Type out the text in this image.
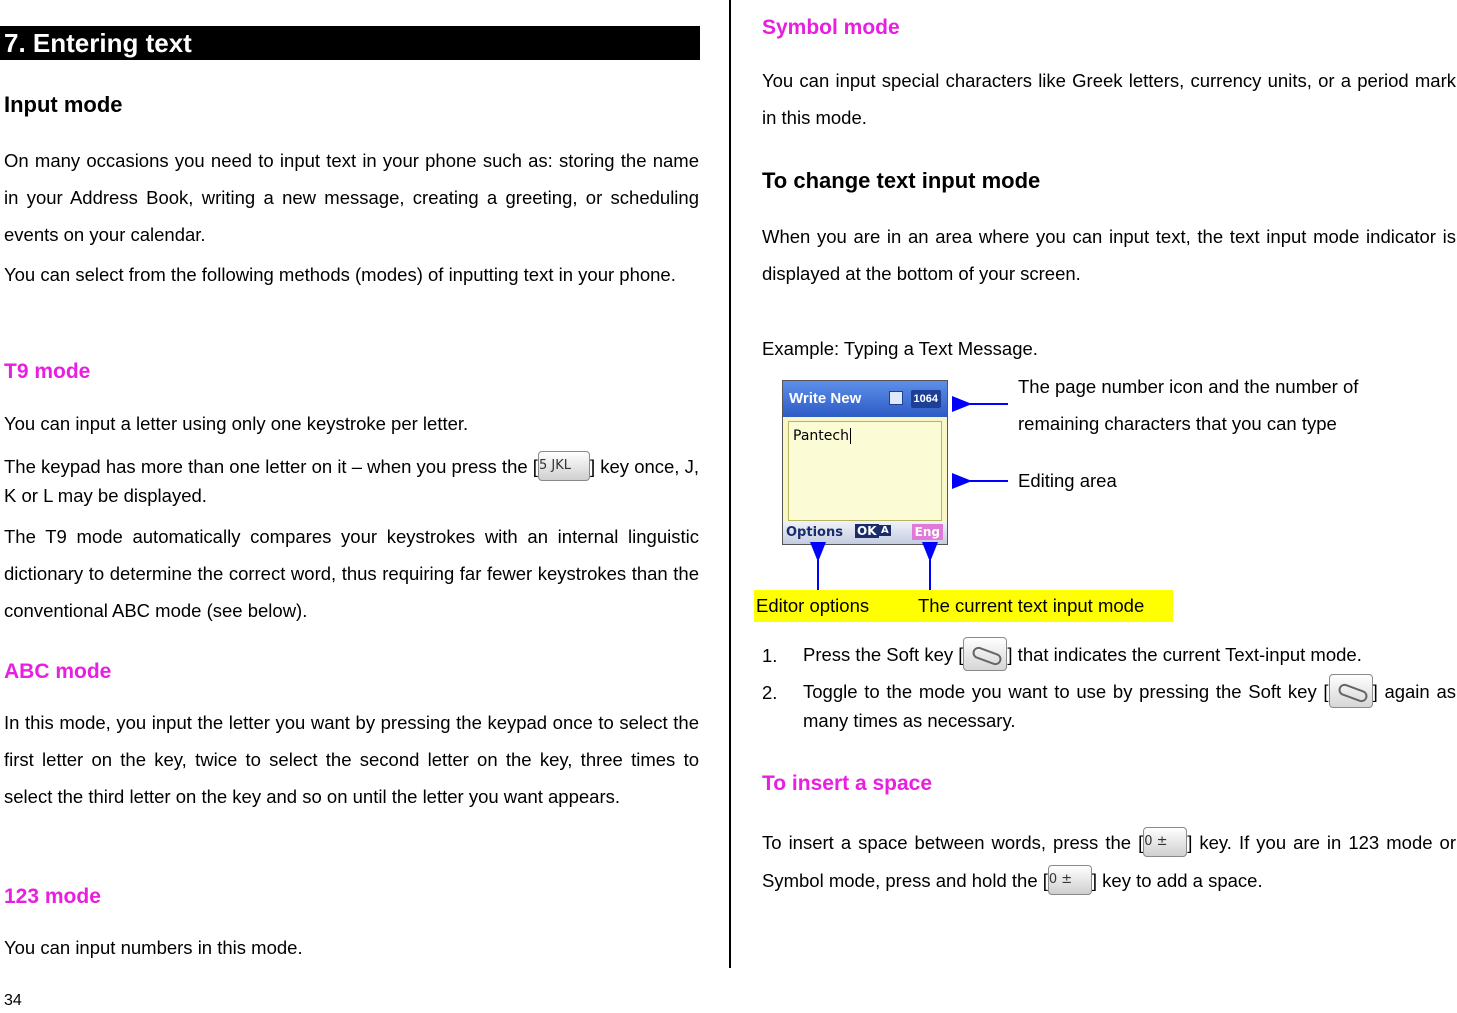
7. Entering text
Input mode
On many occasions you need to input text in your phone such as: storing the name in your Address Book, writing a new message, creating a greeting, or scheduling events on your calendar.
You can select from the following methods (modes) of inputting text in your phone.
T9 mode
You can input a letter using only one keystroke per letter.
The keypad has more than one letter on it – when you press the [5 JKL ] key once, J, K or L may be displayed.
The T9 mode automatically compares your keystrokes with an internal linguistic dictionary to determine the correct word, thus requiring far fewer keystrokes than the conventional ABC mode (see below).
ABC mode
In this mode, you input the letter you want by pressing the keypad once to select the first letter on the key, twice to select the second letter on the key, three times to select the third letter on the key and so on until the letter you want appears.
123 mode
You can input numbers in this mode.
34
Symbol mode
You can input special characters like Greek letters, currency units, or a period mark in this mode.
To change text input mode
When you are in an area where you can input text, the text input mode indicator is displayed at the bottom of your screen.
Example: Typing a Text Message.
Write New	1064
Pantech
Options OK A Eng
The page number icon and the number of remaining characters that you can type
Editing area
Editor options	The current text input mode
1. Press the Soft key [ ] that indicates the current Text-input mode.
2. Toggle to the mode you want to use by pressing the Soft key [ ] again as many times as necessary.
To insert a space
To insert a space between words, press the [0 ± ] key. If you are in 123 mode or Symbol mode, press and hold the [0 ± ] key to add a space.
